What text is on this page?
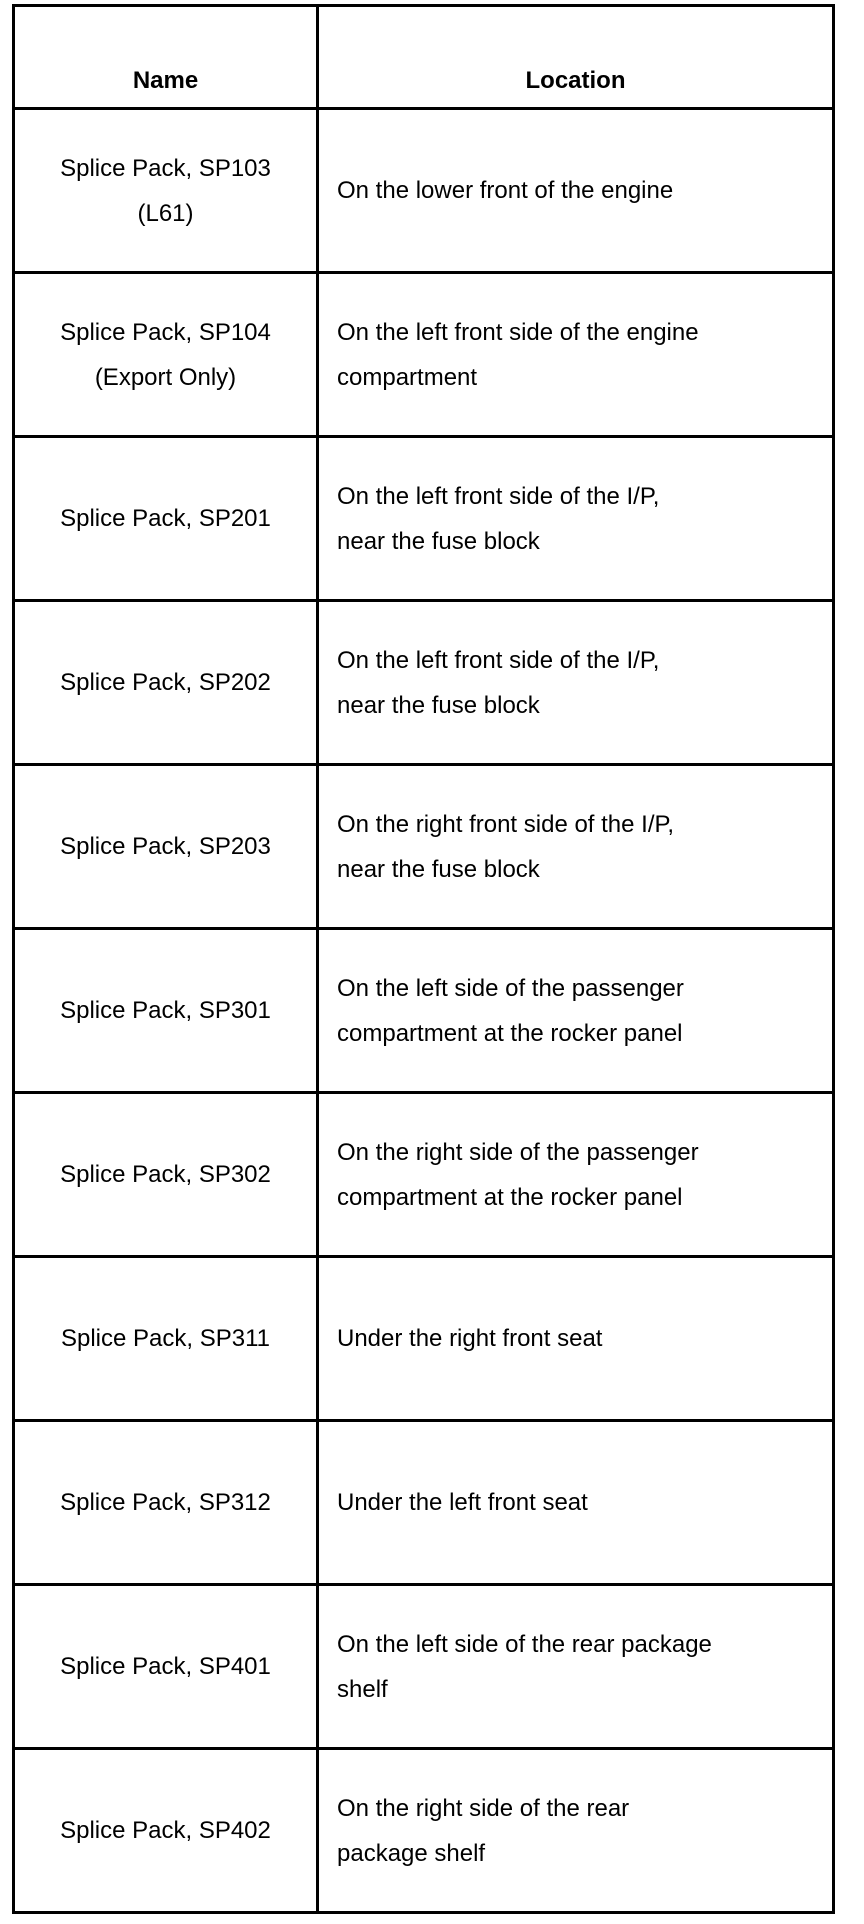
Name	Location

Splice Pack, SP103
(L61)	On the lower front of the engine

Splice Pack, SP104
(Export Only)	On the left front side of the engine
compartment

Splice Pack, SP201	On the left front side of the I/P,
near the fuse block

Splice Pack, SP202	On the left front side of the I/P,
near the fuse block

Splice Pack, SP203	On the right front side of the I/P,
near the fuse block

Splice Pack, SP301	On the left side of the passenger
compartment at the rocker panel

Splice Pack, SP302	On the right side of the passenger
compartment at the rocker panel

Splice Pack, SP311	Under the right front seat

Splice Pack, SP312	Under the left front seat

Splice Pack, SP401	On the left side of the rear package
shelf

Splice Pack, SP402	On the right side of the rear
package shelf
